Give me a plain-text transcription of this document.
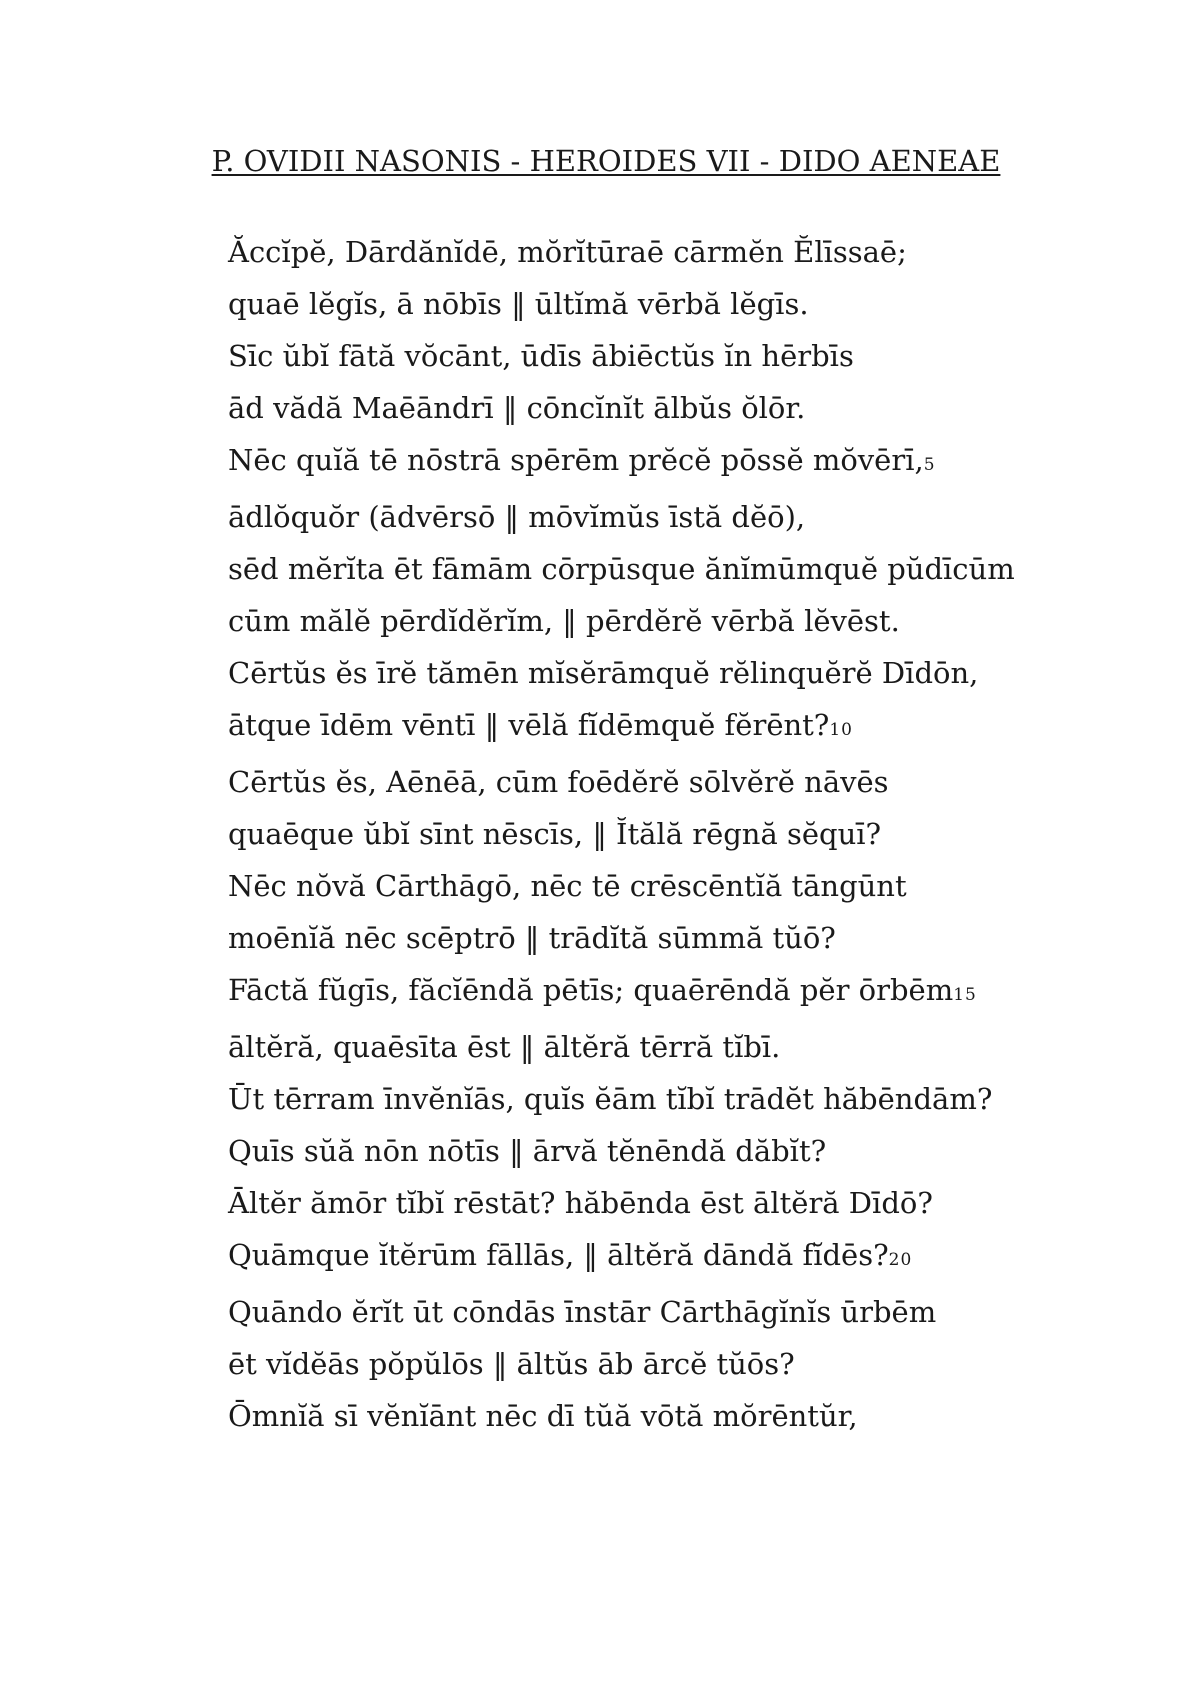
P. OVIDII NASONIS - HEROIDES VII - DIDO AENEAE
Ăccĭpĕ, Dārdănĭdē, mŏrĭtūraē cārmĕn Ĕlīssaē;
quaē lĕgĭs, ā nōbīs ‖ ūltĭmă vērbă lĕgīs.
Sīc ŭbĭ fātă vŏcānt, ūdīs ābiēctŭs ĭn hērbīs
ād vădă Maēāndrī ‖ cōncĭnĭt ālbŭs ŏlōr.
Nēc quĭă tē nōstrā spērēm prĕcĕ pōssĕ mŏvērī,5
ādlŏquŏr (ādvērsō ‖ mōvĭmŭs īstă dĕō),
sēd mĕrĭta ēt fāmām cōrpūsque ănĭmūmquĕ pŭdīcūm
cūm mălĕ pērdĭdĕrĭm, ‖ pērdĕrĕ vērbă lĕvēst.
Cērtŭs ĕs īrĕ tămēn mĭsĕrāmquĕ rĕlinquĕrĕ Dīdōn,
ātque īdēm vēntī ‖ vēlă fĭdēmquĕ fĕrēnt?10
Cērtŭs ĕs, Aēnēā, cūm foēdĕrĕ sōlvĕrĕ nāvēs
quaēque ŭbĭ sīnt nēscīs, ‖ Ĭtălă rēgnă sĕquī?
Nēc nŏvă Cārthāgō, nēc tē crēscēntĭă tāngūnt
moēnĭă nēc scēptrō ‖ trādĭtă sūmmă tŭō?
Fāctă fŭgīs, făcĭēndă pētīs; quaērēndă pĕr ōrbēm15
āltĕră, quaēsīta ēst ‖ āltĕră tērră tĭbī.
Ūt tērram īnvĕnĭās, quĭs ĕām tĭbĭ trādĕt hăbēndām?
Quīs sŭă nōn nōtīs ‖ ārvă tĕnēndă dăbĭt?
Āltĕr ămōr tĭbĭ rēstāt? hăbēnda ēst āltĕră Dīdō?
Quāmque ĭtĕrūm fāllās, ‖ āltĕră dāndă fĭdēs?20
Quāndo ĕrĭt ūt cōndās īnstār Cārthāgĭnĭs ūrbēm
ēt vĭdĕās pŏpŭlōs ‖ āltŭs āb ārcĕ tŭōs?
Ōmnĭă sī vĕnĭānt nēc dī tŭă vōtă mŏrēntŭr,
